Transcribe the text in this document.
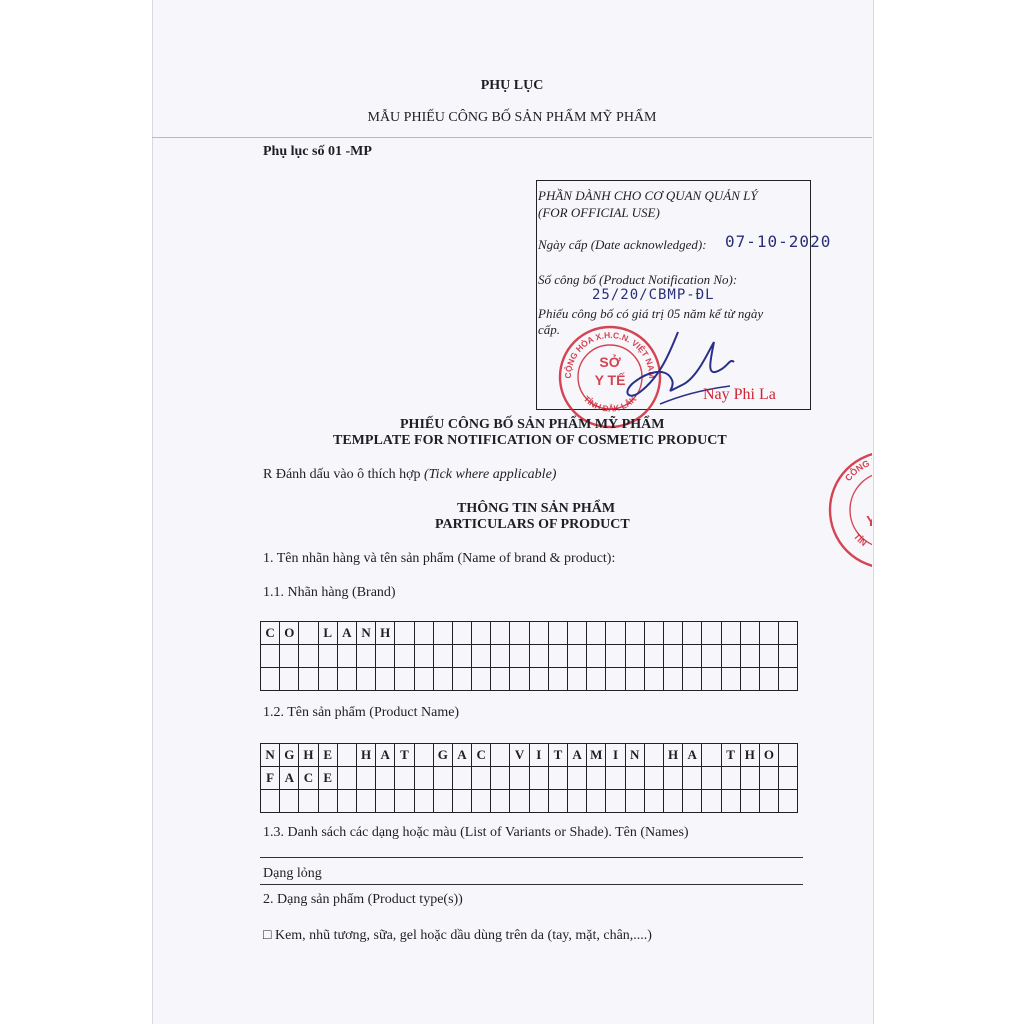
PHỤ LỤC
MẪU PHIẾU CÔNG BỐ SẢN PHẨM MỸ PHẨM
Phụ lục số 01 -MP
PHẦN DÀNH CHO CƠ QUAN QUẢN LÝ
(FOR OFFICIAL USE)
Ngày cấp (Date acknowledged): 07-10-2020
Số công bố (Product Notification No):
25/20/CBMP-ĐL
Phiếu công bố có giá trị 05 năm kể từ ngày
cấp.
CỘNG HÒA X.H.C.N. VIỆT NAM
TỈNH ĐẮK LẮK
SỞ
Y TẾ
Nay Phi La
CÔNG HÒA X
TỈN
Y
PHIẾU CÔNG BỐ SẢN PHẨM MỸ PHẨM
TEMPLATE FOR NOTIFICATION OF COSMETIC PRODUCT
R Đánh dấu vào ô thích hợp (Tick where applicable)
THÔNG TIN SẢN PHẨM
PARTICULARS OF PRODUCT
1. Tên nhãn hàng và tên sản phẩm (Name of brand & product):
1.1. Nhãn hàng (Brand)
C	O		L	A	N	H																					

1.2. Tên sản phẩm (Product Name)
N	G	H	E		H	A	T		G	A	C		V	I	T	A	M	I	N		H	A		T	H	O	
F	A	C	E																								

1.3. Danh sách các dạng hoặc màu (List of Variants or Shade). Tên (Names)
Dạng lỏng
2. Dạng sản phẩm (Product type(s))
□ Kem, nhũ tương, sữa, gel hoặc dầu dùng trên da (tay, mặt, chân,....)
